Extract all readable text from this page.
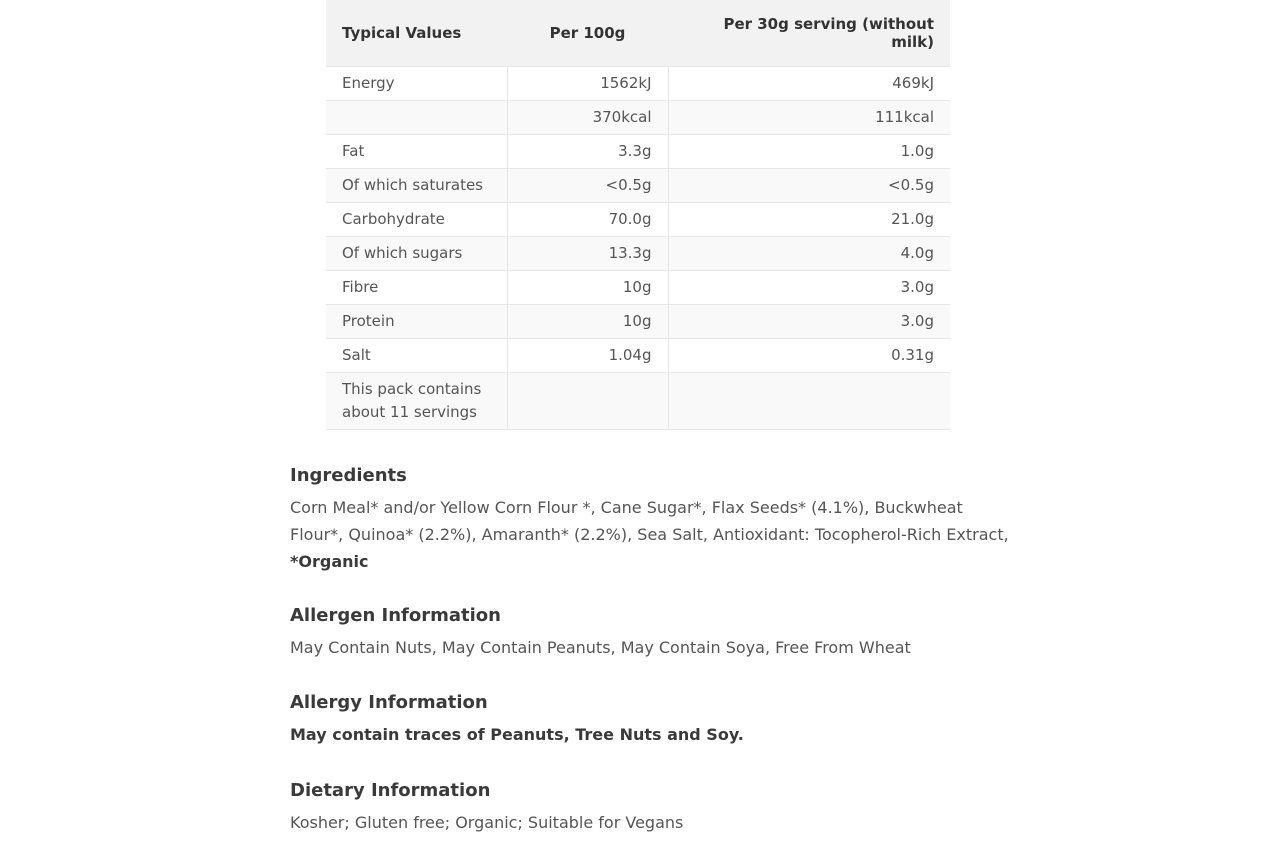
Typical Values	Per 100g	Per 30g serving (without milk)
Energy	1562kJ	469kJ
	370kcal	111kcal
Fat	3.3g	1.0g
Of which saturates	<0.5g	<0.5g
Carbohydrate	70.0g	21.0g
Of which sugars	13.3g	4.0g
Fibre	10g	3.0g
Protein	10g	3.0g
Salt	1.04g	0.31g
This pack contains about 11 servings		
Ingredients

Corn Meal* and/or Yellow Corn Flour *, Cane Sugar*, Flax Seeds* (4.1%), Buckwheat Flour*, Quinoa* (2.2%), Amaranth* (2.2%), Sea Salt, Antioxidant: Tocopherol-Rich Extract, *Organic

Allergen Information

May Contain Nuts, May Contain Peanuts, May Contain Soya, Free From Wheat

Allergy Information

May contain traces of Peanuts, Tree Nuts and Soy.

Dietary Information

Kosher; Gluten free; Organic; Suitable for Vegans
